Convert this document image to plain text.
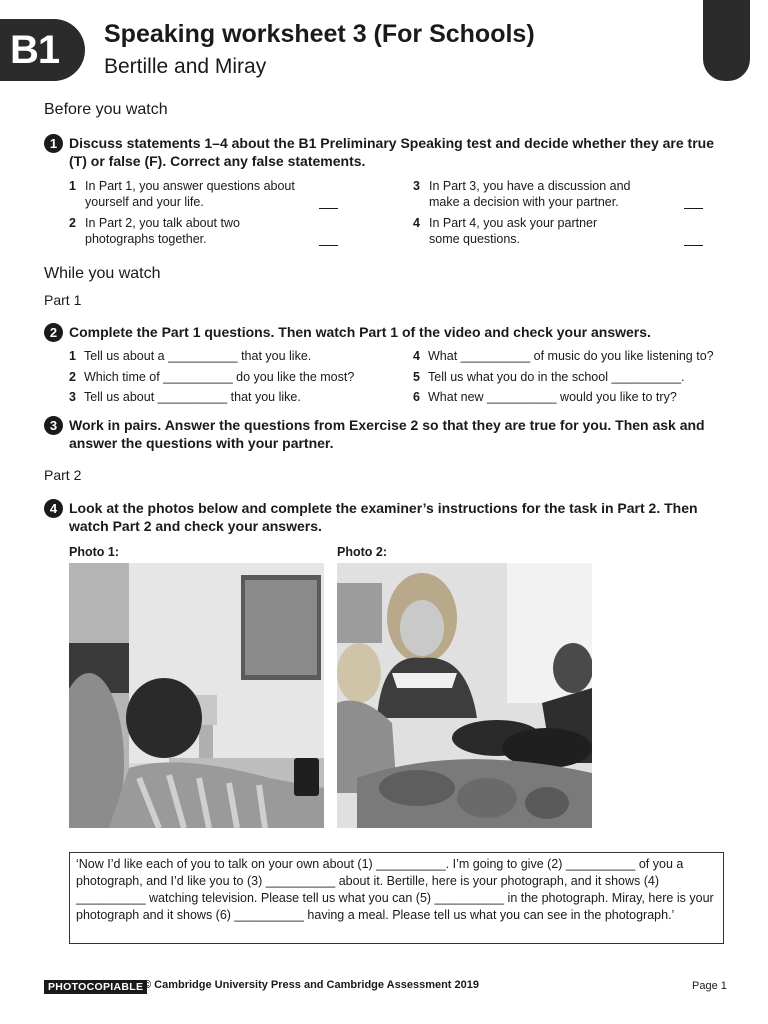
B1	Speaking worksheet 3 (For Schools)
Bertille and Miray
Before you watch
1 Discuss statements 1–4 about the B1 Preliminary Speaking test and decide whether they are true (T) or false (F). Correct any false statements.
1 In Part 1, you answer questions about yourself and your life.
2 In Part 2, you talk about two photographs together.
3 In Part 3, you have a discussion and make a decision with your partner.
4 In Part 4, you ask your partner some questions.
While you watch
Part 1
2 Complete the Part 1 questions. Then watch Part 1 of the video and check your answers.
1 Tell us about a __________ that you like.
2 Which time of __________ do you like the most?
3 Tell us about __________ that you like.
4 What __________ of music do you like listening to?
5 Tell us what you do in the school __________.
6 What new __________ would you like to try?
3 Work in pairs. Answer the questions from Exercise 2 so that they are true for you. Then ask and answer the questions with your partner.
Part 2
4 Look at the photos below and complete the examiner’s instructions for the task in Part 2. Then watch Part 2 and check your answers.
Photo 1:	Photo 2:
‘Now I’d like each of you to talk on your own about (1) __________. I’m going to give (2) __________ of you a photograph, and I’d like you to (3) __________ about it. Bertille, here is your photograph, and it shows (4) __________ watching television. Please tell us what you can (5) __________ in the photograph. Miray, here is your photograph and it shows (6) __________ having a meal. Please tell us what you can see in the photograph.’
PHOTOCOPIABLE © Cambridge University Press and Cambridge Assessment 2019	Page 1
